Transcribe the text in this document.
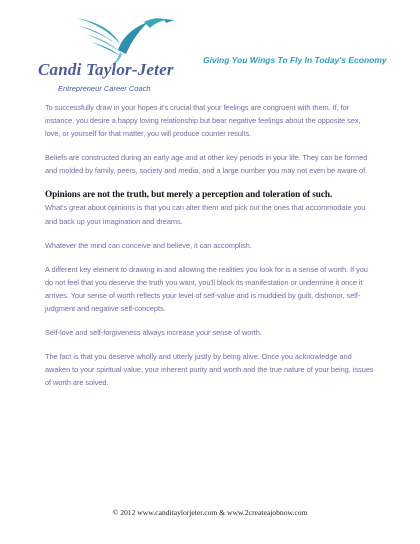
Candi Taylor-Jeter
Entrepreneur Career Coach
Giving You Wings To Fly In Today's Economy

To successfully draw in your hopes it's crucial that your feelings are congruent with them. If, for instance, you desire a happy loving relationship but bear negative feelings about the opposite sex, love, or yourself for that matter, you will produce counter results.

Beliefs are constructed during an early age and at other key periods in your life. They can be formed and molded by family, peers, society and media, and a large number you may not even be aware of.

Opinions are not the truth, but merely a perception and toleration of such.

What's great about opinions is that you can alter them and pick out the ones that accommodate you and back up your imagination and dreams.

Whatever the mind can conceive and believe, it can accomplish.

A different key element to drawing in and allowing the realities you look for is a sense of worth. If you do not feel that you deserve the truth you want, you'll block its manifestation or undermine it once it arrives. Your sense of worth reflects your level of self-value and is muddied by guilt, dishonor, self-judgment and negative self-concepts.

Self-love and self-forgiveness always increase your sense of worth.

The fact is that you deserve wholly and utterly justly by being alive. Once you acknowledge and awaken to your spiritual value, your inherent purity and worth and the true nature of your being, issues of worth are solved.

© 2012 www.canditaylorjeter.com & www.2createajobnow.com
